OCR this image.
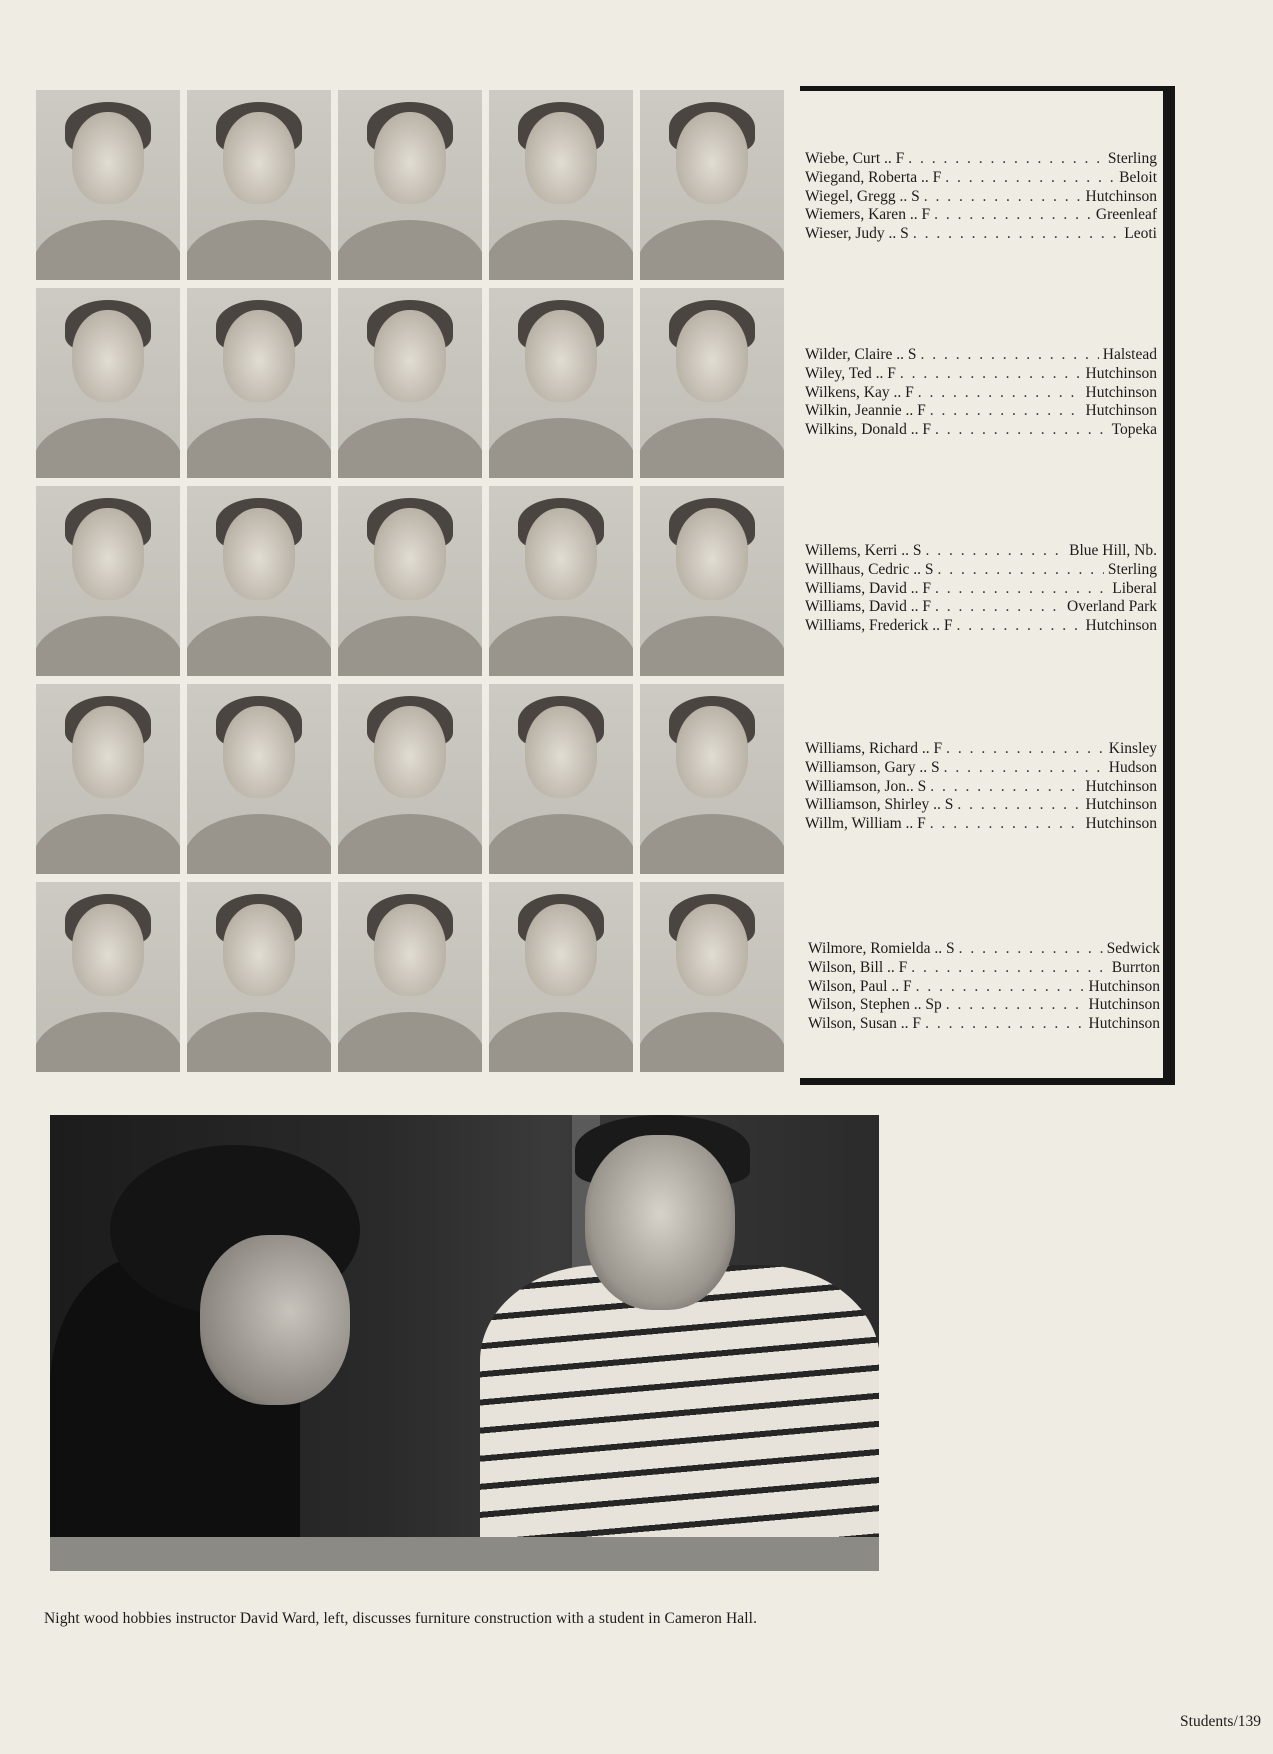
Wiebe, Curt .. F . . .	Sterling
Wiegand, Roberta .. F . . .	Beloit
Wiegel, Gregg .. S . . .	Hutchinson
Wiemers, Karen .. F . . .	Greenleaf
Wieser, Judy .. S . . .	Leoti
Wilder, Claire .. S . . .	Halstead
Wiley, Ted .. F . . .	Hutchinson
Wilkens, Kay .. F . . .	Hutchinson
Wilkin, Jeannie .. F . . .	Hutchinson
Wilkins, Donald .. F . . .	Topeka
Willems, Kerri .. S . . .	Blue Hill, Nb.
Willhaus, Cedric .. S . . .	Sterling
Williams, David .. F . . .	Liberal
Williams, David .. F . . .	Overland Park
Williams, Frederick .. F . . .	Hutchinson
Williams, Richard .. F . . .	Kinsley
Williamson, Gary .. S . . .	Hudson
Williamson, Jon.. S . . .	Hutchinson
Williamson, Shirley .. S . . .	Hutchinson
Willm, William .. F . . .	Hutchinson
Wilmore, Romielda .. S . . .	Sedwick
Wilson, Bill .. F . . .	Burrton
Wilson, Paul .. F . . .	Hutchinson
Wilson, Stephen .. Sp . . .	Hutchinson
Wilson, Susan .. F . . .	Hutchinson
Night wood hobbies instructor David Ward, left, discusses furniture construction with a student in Cameron Hall.
Students/139
